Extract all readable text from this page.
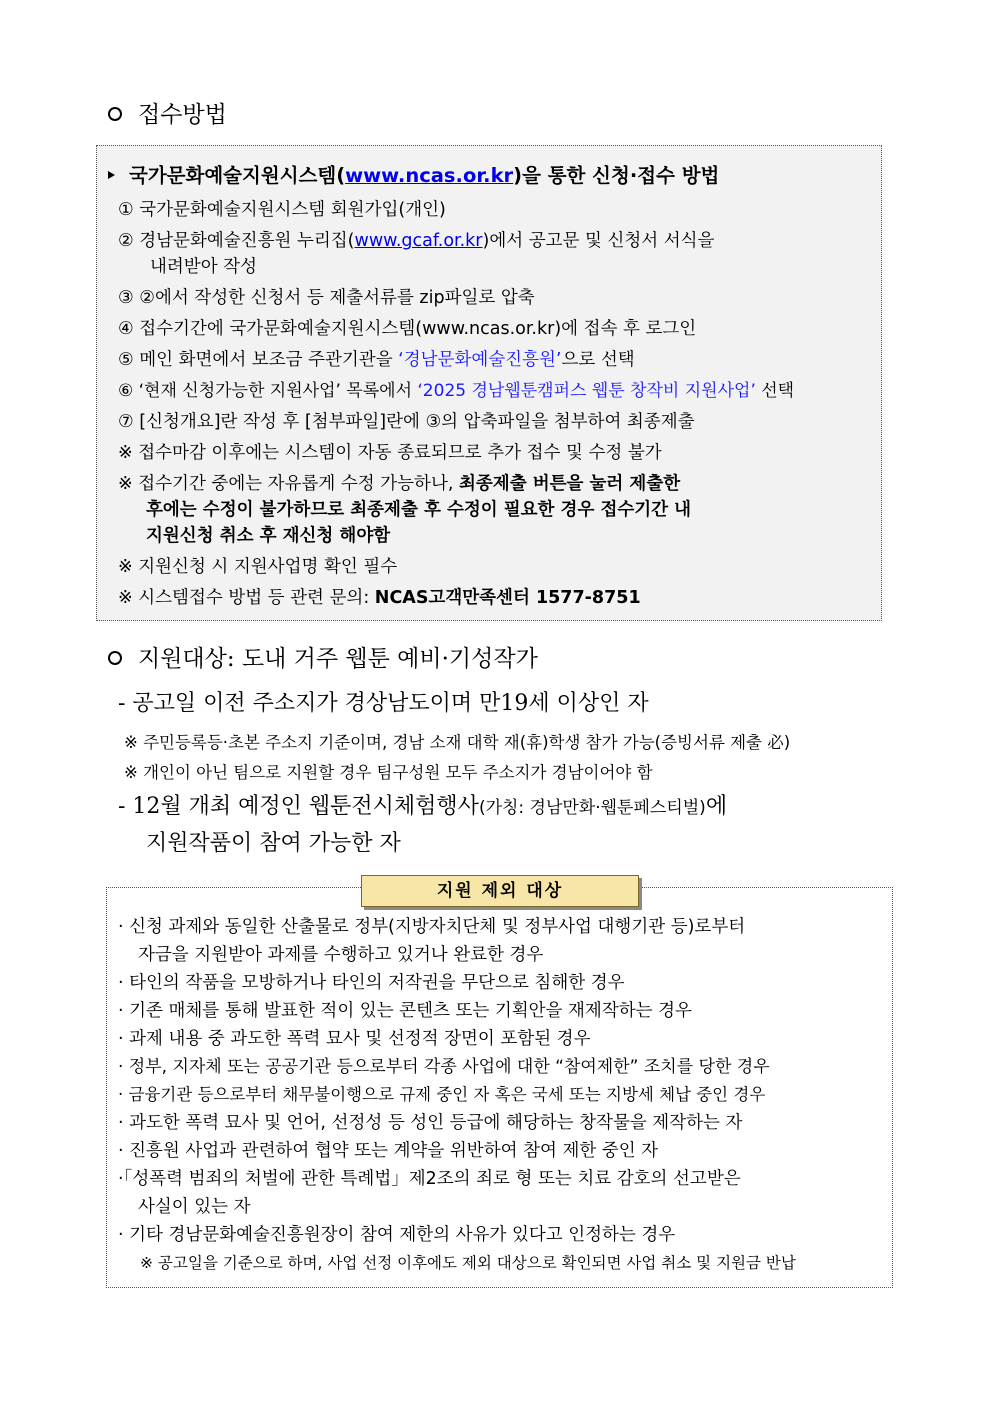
접수방법
국가문화예술지원시스템(www.ncas.or.kr)을 통한 신청·접수 방법
① 국가문화예술지원시스템 회원가입(개인)
② 경남문화예술진흥원 누리집(www.gcaf.or.kr)에서 공고문 및 신청서 서식을
내려받아 작성
③ ②에서 작성한 신청서 등 제출서류를 zip파일로 압축
④ 접수기간에 국가문화예술지원시스템(www.ncas.or.kr)에 접속 후 로그인
⑤ 메인 화면에서 보조금 주관기관을 ‘경남문화예술진흥원’으로 선택
⑥ ‘현재 신청가능한 지원사업’ 목록에서 ‘2025 경남웹툰캠퍼스 웹툰 창작비 지원사업’ 선택
⑦ [신청개요]란 작성 후 [첨부파일]란에 ③의 압축파일을 첨부하여 최종제출
※ 접수마감 이후에는 시스템이 자동 종료되므로 추가 접수 및 수정 불가
※ 접수기간 중에는 자유롭게 수정 가능하나, 최종제출 버튼을 눌러 제출한
후에는 수정이 불가하므로 최종제출 후 수정이 필요한 경우 접수기간 내
지원신청 취소 후 재신청 해야함
※ 지원신청 시 지원사업명 확인 필수
※ 시스템접수 방법 등 관련 문의: NCAS고객만족센터 1577-8751
지원대상: 도내 거주 웹툰 예비·기성작가
- 공고일 이전 주소지가 경상남도이며 만19세 이상인 자
※ 주민등록등·초본 주소지 기준이며, 경남 소재 대학 재(휴)학생 참가 가능(증빙서류 제출 必)
※ 개인이 아닌 팀으로 지원할 경우 팀구성원 모두 주소지가 경남이어야 함
- 12월 개최 예정인 웹툰전시체험행사(가칭: 경남만화·웹툰페스티벌)에
지원작품이 참여 가능한 자
지원 제외 대상
· 신청 과제와 동일한 산출물로 정부(지방자치단체 및 정부사업 대행기관 등)로부터
자금을 지원받아 과제를 수행하고 있거나 완료한 경우
· 타인의 작품을 모방하거나 타인의 저작권을 무단으로 침해한 경우
· 기존 매체를 통해 발표한 적이 있는 콘텐츠 또는 기획안을 재제작하는 경우
· 과제 내용 중 과도한 폭력 묘사 및 선정적 장면이 포함된 경우
· 정부, 지자체 또는 공공기관 등으로부터 각종 사업에 대한 “참여제한” 조치를 당한 경우
· 금융기관 등으로부터 채무불이행으로 규제 중인 자 혹은 국세 또는 지방세 체납 중인 경우
· 과도한 폭력 묘사 및 언어, 선정성 등 성인 등급에 해당하는 창작물을 제작하는 자
· 진흥원 사업과 관련하여 협약 또는 계약을 위반하여 참여 제한 중인 자
·「성폭력 범죄의 처벌에 관한 특례법」제2조의 죄로 형 또는 치료 감호의 선고받은
사실이 있는 자
· 기타 경남문화예술진흥원장이 참여 제한의 사유가 있다고 인정하는 경우
※ 공고일을 기준으로 하며, 사업 선정 이후에도 제외 대상으로 확인되면 사업 취소 및 지원금 반납
